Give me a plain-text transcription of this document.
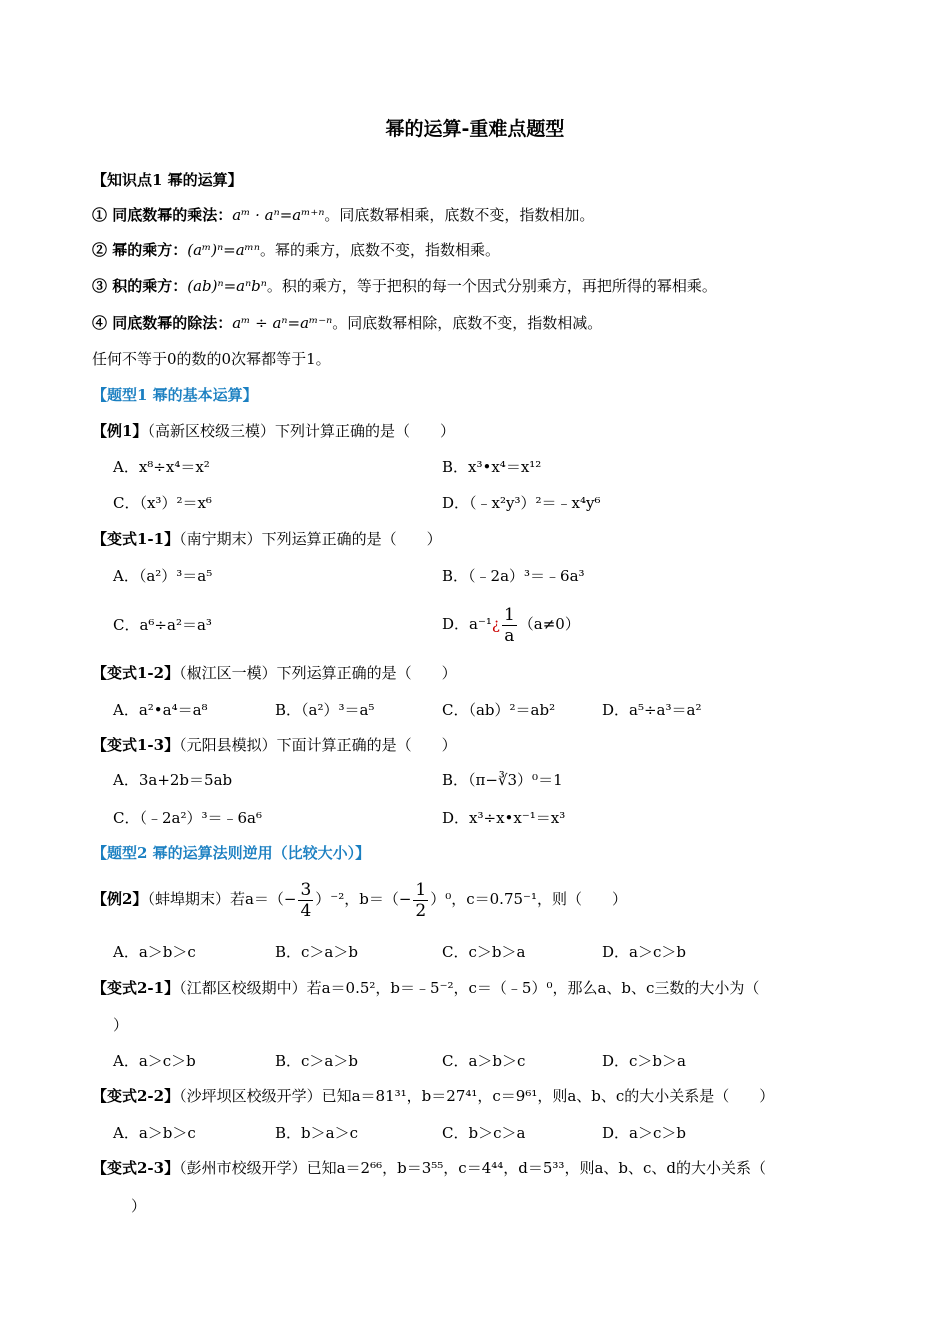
幂的运算-重难点题型
【知识点1 幂的运算】
① 同底数幂的乘法：aᵐ · aⁿ=aᵐ⁺ⁿ。同底数幂相乘，底数不变，指数相加。
② 幂的乘方：(aᵐ)ⁿ=aᵐⁿ。幂的乘方，底数不变，指数相乘。
③ 积的乘方：(ab)ⁿ=aⁿbⁿ。积的乘方，等于把积的每一个因式分别乘方，再把所得的幂相乘。
④ 同底数幂的除法：aᵐ ÷ aⁿ=aᵐ⁻ⁿ。同底数幂相除，底数不变，指数相减。
任何不等于0的数的0次幂都等于1。
【题型1 幂的基本运算】
【例1】（高新区校级三模）下列计算正确的是（　　）
A．x⁸÷x⁴＝x²	B．x³•x⁴＝x¹²
C．（x³）²＝x⁶	D．（﹣x²y³）²＝﹣x⁴y⁶
【变式1-1】（南宁期末）下列运算正确的是（　　）
A．（a²）³＝a⁵	B．（﹣2a）³＝﹣6a³
C．a⁶÷a²＝a³	D．a⁻¹¿ $\frac{1}{a} (a\ne 0)$
【变式1-2】（椒江区一模）下列运算正确的是（　　）
A．a²•a⁴＝a⁸	B．（a²）³＝a⁵	C．（ab）²＝ab²	D．a⁵÷a³＝a²
【变式1-3】（元阳县模拟）下面计算正确的是（　　）
A．3a+2b＝5ab	B．（π−∛3）⁰＝1
C．（﹣2a²）³＝﹣6a⁶	D．x³÷x•x⁻¹＝x³
【题型2 幂的运算法则逆用（比较大小）】
【例2】（蚌埠期末）若$a=(- \frac{3}{4} )^{-2}$，$b=(- \frac{1}{2} )^0$，c＝0.75⁻¹，则（　　）
A．a＞b＞c	B．c＞a＞b	C．c＞b＞a	D．a＞c＞b
【变式2-1】（江都区校级期中）若a＝0.5²，b＝﹣5⁻²，c＝（﹣5）⁰，那么a、b、c三数的大小为（
）
A．a＞c＞b	B．c＞a＞b	C．a＞b＞c	D．c＞b＞a
【变式2-2】（沙坪坝区校级开学）已知a＝81³¹，b＝27⁴¹，c＝9⁶¹，则a、b、c的大小关系是（　　）
A．a＞b＞c	B．b＞a＞c	C．b＞c＞a	D．a＞c＞b
【变式2-3】（彭州市校级开学）已知a＝2⁶⁶，b＝3⁵⁵，c＝4⁴⁴，d＝5³³，则a、b、c、d的大小关系（
）
